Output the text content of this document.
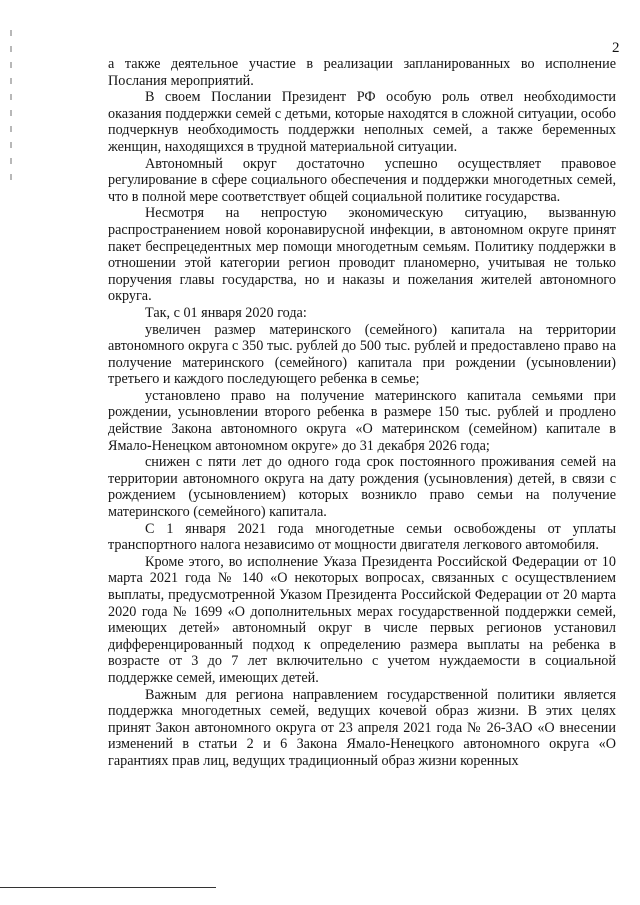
2

а также деятельное участие в реализации запланированных во исполнение Послания мероприятий.

В своем Послании Президент РФ особую роль отвел необходимости оказания поддержки семей с детьми, которые находятся в сложной ситуации, особо подчеркнув необходимость поддержки неполных семей, а также беременных женщин, находящихся в трудной материальной ситуации.

Автономный округ достаточно успешно осуществляет правовое регулирование в сфере социального обеспечения и поддержки многодетных семей, что в полной мере соответствует общей социальной политике государства.

Несмотря на непростую экономическую ситуацию, вызванную распространением новой коронавирусной инфекции, в автономном округе принят пакет беспрецедентных мер помощи многодетным семьям. Политику поддержки в отношении этой категории регион проводит планомерно, учитывая не только поручения главы государства, но и наказы и пожелания жителей автономного округа.

Так, с 01 января 2020 года:

увеличен размер материнского (семейного) капитала на территории автономного округа с 350 тыс. рублей до 500 тыс. рублей и предоставлено право на получение материнского (семейного) капитала при рождении (усыновлении) третьего и каждого последующего ребенка в семье;

установлено право на получение материнского капитала семьями при рождении, усыновлении второго ребенка в размере 150 тыс. рублей и продлено действие Закона автономного округа «О материнском (семейном) капитале в Ямало-Ненецком автономном округе» до 31 декабря 2026 года;

снижен с пяти лет до одного года срок постоянного проживания семей на территории автономного округа на дату рождения (усыновления) детей, в связи с рождением (усыновлением) которых возникло право семьи на получение материнского (семейного) капитала.

С 1 января 2021 года многодетные семьи освобождены от уплаты транспортного налога независимо от мощности двигателя легкового автомобиля.

Кроме этого, во исполнение Указа Президента Российской Федерации от 10 марта 2021 года № 140 «О некоторых вопросах, связанных с осуществлением выплаты, предусмотренной Указом Президента Российской Федерации от 20 марта 2020 года № 1699 «О дополнительных мерах государственной поддержки семей, имеющих детей» автономный округ в числе первых регионов установил дифференцированный подход к определению размера выплаты на ребенка в возрасте от 3 до 7 лет включительно с учетом нуждаемости в социальной поддержке семей, имеющих детей.

Важным для региона направлением государственной политики является поддержка многодетных семей, ведущих кочевой образ жизни. В этих целях принят Закон автономного округа от 23 апреля 2021 года № 26-ЗАО «О внесении изменений в статьи 2 и 6 Закона Ямало-Ненецкого автономного округа «О гарантиях прав лиц, ведущих традиционный образ жизни коренных
